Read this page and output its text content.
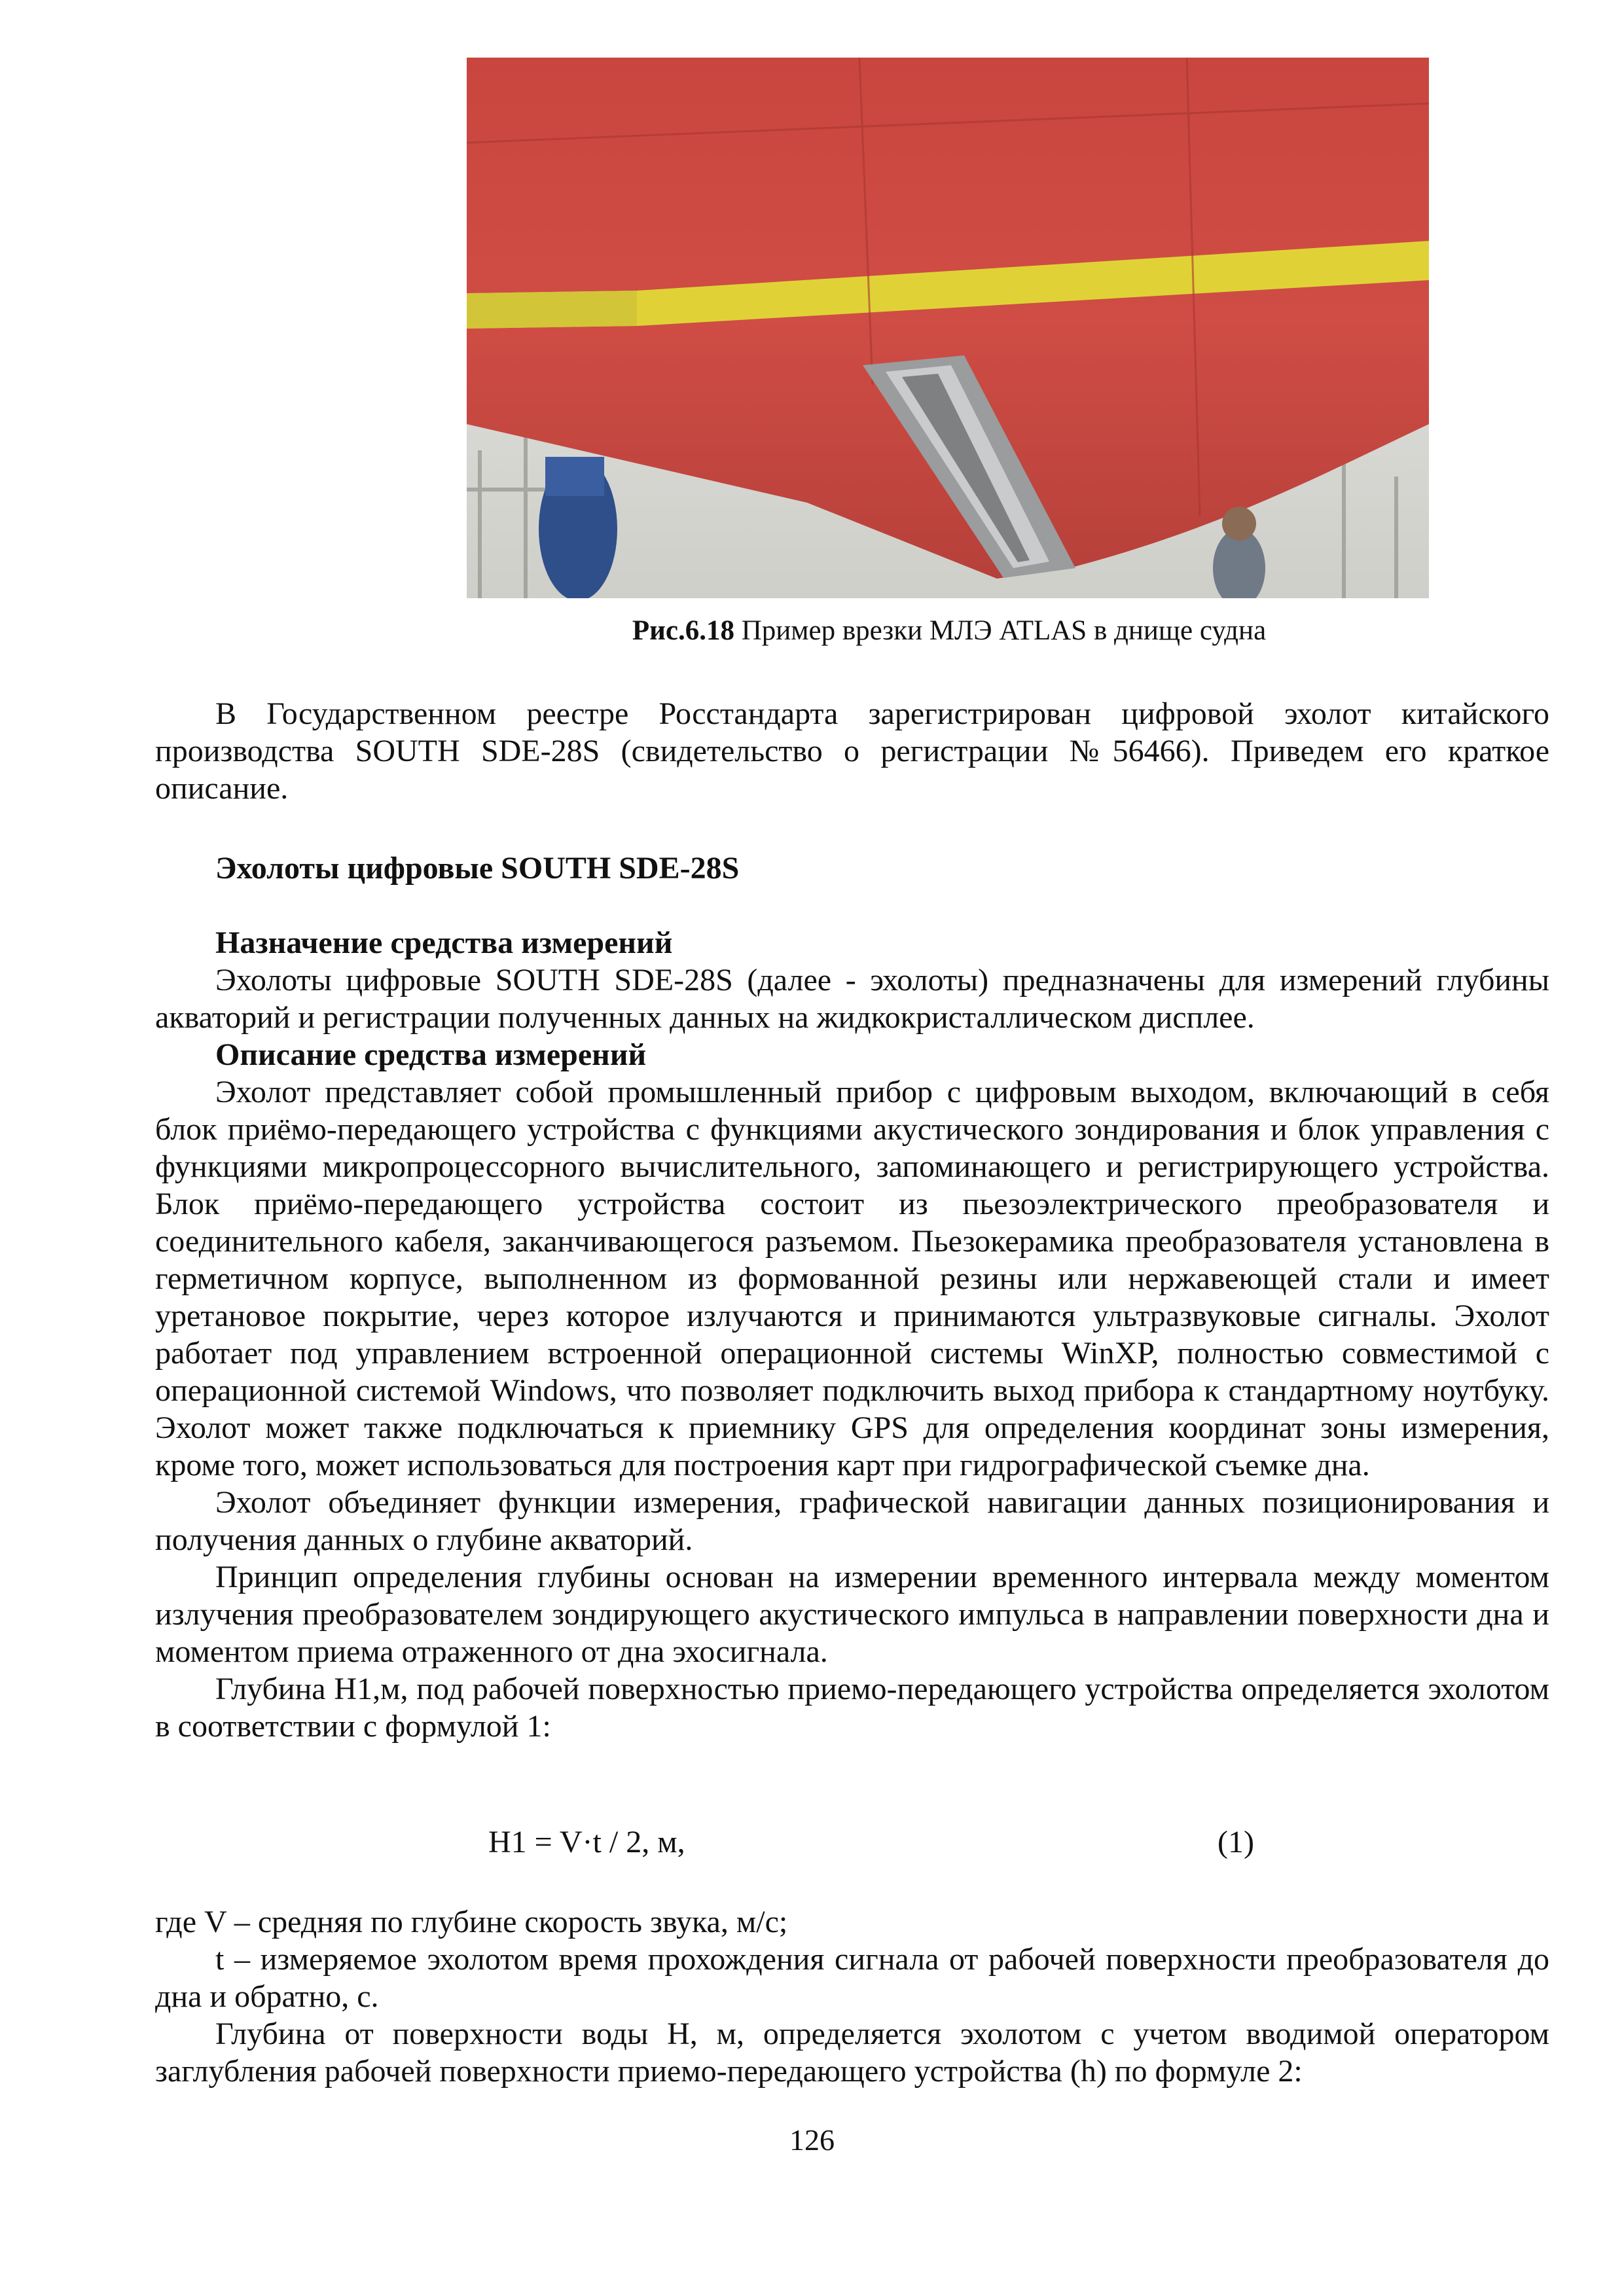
Рис.6.18 Пример врезки МЛЭ ATLAS в днище судна

В Государственном реестре Росстандарта зарегистрирован цифровой эхолот китайского производства SOUTH SDE-28S (свидетельство о регистрации №56466). Приведем его краткое описание.

Эхолоты цифровые SOUTH SDE-28S

Назначение средства измерений

Эхолоты цифровые SOUTH SDE-28S (далее - эхолоты) предназначены для измерений глубины акваторий и регистрации полученных данных на жидкокристаллическом дисплее.

Описание средства измерений

Эхолот представляет собой промышленный прибор с цифровым выходом, включающий в себя блок приёмо-передающего устройства с функциями акустического зондирования и блок управления с функциями микропроцессорного вычислительного, запоминающего и регистрирующего устройства. Блок приёмо-передающего устройства состоит из пьезоэлектрического преобразователя и соединительного кабеля, заканчивающегося разъемом. Пьезокерамика преобразователя установлена в герметичном корпусе, выполненном из формованной резины или нержавеющей стали и имеет уретановое покрытие, через которое излучаются и принимаются ультразвуковые сигналы. Эхолот работает под управлением встроенной операционной системы WinXP, полностью совместимой с операционной системой Windows, что позволяет подключить выход прибора к стандартному ноутбуку. Эхолот может также подключаться к приемнику GPS для определения координат зоны измерения, кроме того, может использоваться для построения карт при гидрографической съемке дна.

Эхолот объединяет функции измерения, графической навигации данных позиционирования и получения данных о глубине акваторий.

Принцип определения глубины основан на измерении временного интервала между моментом излучения преобразователем зондирующего акустического импульса в направлении поверхности дна и моментом приема отраженного от дна эхосигнала.

Глубина H1,м, под рабочей поверхностью приемо-передающего устройства определяется эхолотом в соответствии с формулой 1:

H1 = V·t / 2, м,	(1)

где V – средняя по глубине скорость звука, м/с;

t – измеряемое эхолотом время прохождения сигнала от рабочей поверхности преобразователя до дна и обратно, с.

Глубина от поверхности воды H, м, определяется эхолотом с учетом вводимой оператором заглубления рабочей поверхности приемо-передающего устройства (h) по формуле 2:

126
